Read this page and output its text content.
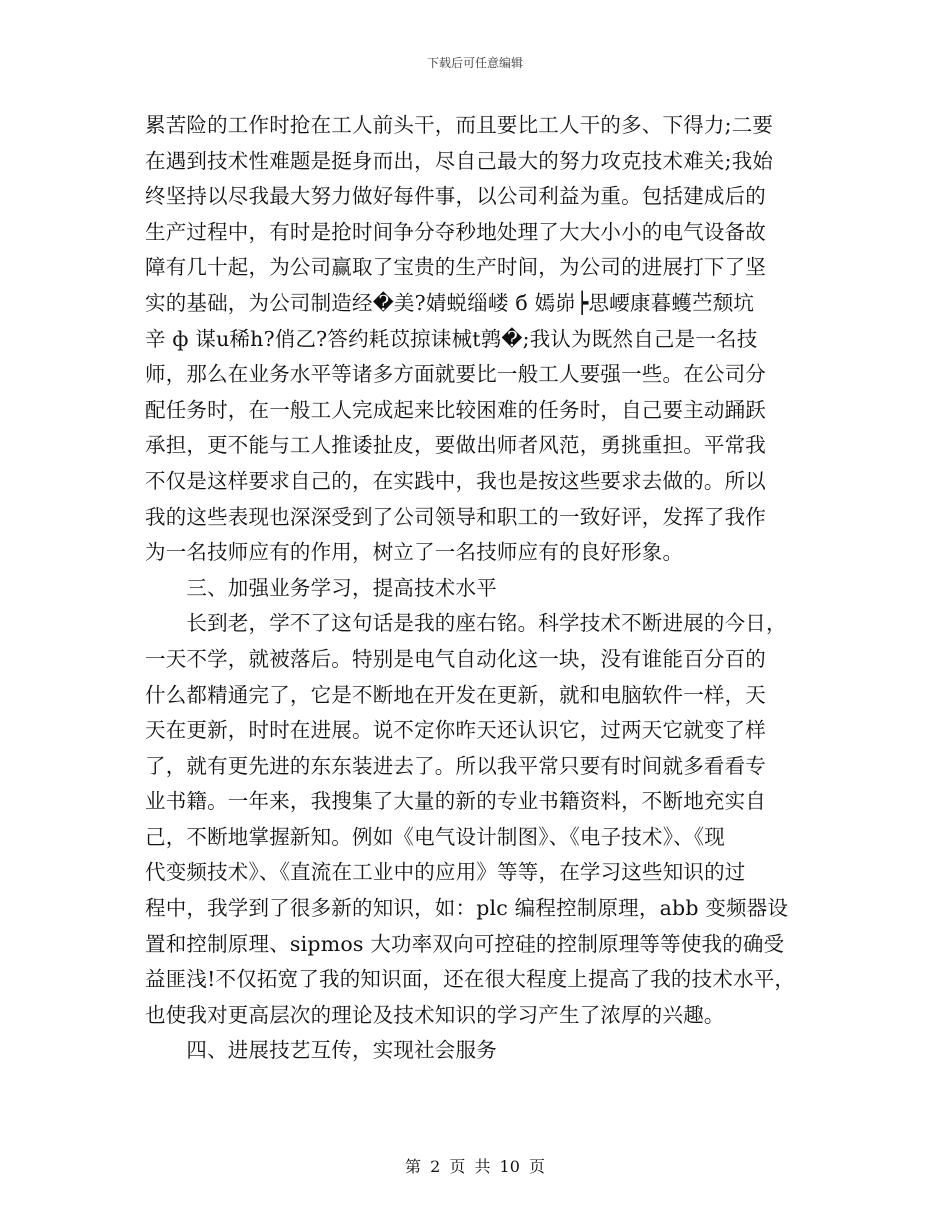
下载后可任意编辑
累苦险的工作时抢在工人前头干，而且要比工人干的多、下得力;二要
在遇到技术性难题是挺身而出，尽自己最大的努力攻克技术难关;我始
终坚持以尽我最大努力做好每件事，以公司利益为重。包括建成后的
生产过程中，有时是抢时间争分夺秒地处理了大大小小的电气设备故
障有几十起，为公司赢取了宝贵的生产时间，为公司的进展打下了坚
实的基础，为公司制造经�美?婧蜕缁嵝 б 嫣峁┝思崾康暮蠖苎颓坑
辛 ф 谋u稀h?俏乙?答约耗苡掠诔械t鹑�;我认为既然自己是一名技
师，那么在业务水平等诸多方面就要比一般工人要强一些。在公司分
配任务时，在一般工人完成起来比较困难的任务时，自己要主动踊跃
承担，更不能与工人推诿扯皮，要做出师者风范，勇挑重担。平常我
不仅是这样要求自己的，在实践中，我也是按这些要求去做的。所以
我的这些表现也深深受到了公司领导和职工的一致好评，发挥了我作
为一名技师应有的作用，树立了一名技师应有的良好形象。
　　三、加强业务学习，提高技术水平
　　长到老，学不了这句话是我的座右铭。科学技术不断进展的今日，
一天不学，就被落后。特别是电气自动化这一块，没有谁能百分百的
什么都精通完了，它是不断地在开发在更新，就和电脑软件一样，天
天在更新，时时在进展。说不定你昨天还认识它，过两天它就变了样
了，就有更先进的东东装进去了。所以我平常只要有时间就多看看专
业书籍。一年来，我搜集了大量的新的专业书籍资料，不断地充实自
己，不断地掌握新知。例如《电气设计制图》、《电子技术》、《现
代变频技术》、《直流在工业中的应用》等等，在学习这些知识的过
程中，我学到了很多新的知识，如：plc 编程控制原理，abb 变频器设
置和控制原理、sipmos 大功率双向可控硅的控制原理等等使我的确受
益匪浅!不仅拓宽了我的知识面，还在很大程度上提高了我的技术水平，
也使我对更高层次的理论及技术知识的学习产生了浓厚的兴趣。
　　四、进展技艺互传，实现社会服务
第 2 页 共 10 页
